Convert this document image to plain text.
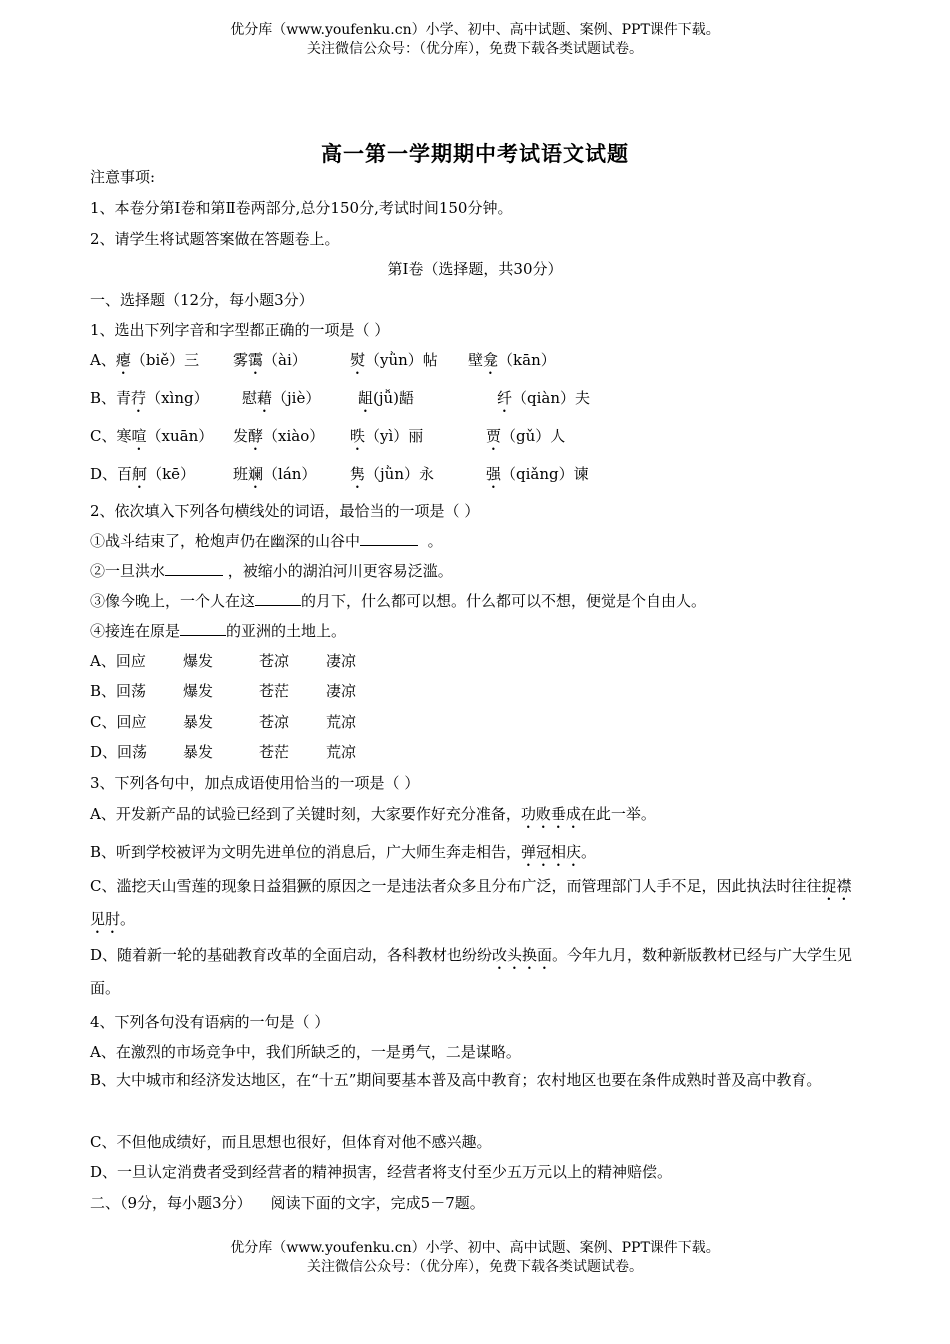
优分库（www.youfenku.cn）小学、初中、高中试题、案例、PPT课件下载。
关注微信公众号：（优分库），免费下载各类试题试卷。
高一第一学期期中考试语文试题
注意事项:
1、本卷分第Ⅰ卷和第Ⅱ卷两部分,总分150分,考试时间150分钟。
2、请学生将试题答案做在答题卷上。
第Ⅰ卷（选择题，共30分）
一、选择题（12分，每小题3分）
1、选出下列字音和字型都正确的一项是（ ）
A、瘪（biě）三 雾霭（ài）	熨（yǜn）帖 壁龛（kān）
B、青荇（xìng） 慰藉（jiè）	龃(jǚ)龉	纤（qiàn）夫
C、寒喧（xuān） 发酵（xiào） 昳（yì）丽	贾（gǔ）人
D、百舸（kē）	班斓（lán） 隽（jǜn）永	强（qiǎng）谏
2、依次填入下列各句横线处的词语，最恰当的一项是（ ）
①战斗结束了，枪炮声仍在幽深的山谷中	。
②一旦洪水	，被缩小的湖泊河川更容易泛滥。
③像今晚上，一个人在这	的月下，什么都可以想。什么都可以不想，便觉是个自由人。
④接连在原是	的亚洲的土地上。
A、回应 爆发	苍凉 凄凉
B、回荡 爆发	苍茫 凄凉
C、回应 暴发	苍凉 荒凉
D、回荡 暴发	苍茫 荒凉
3、下列各句中，加点成语使用恰当的一项是（ ）
A、开发新产品的试验已经到了关键时刻，大家要作好充分准备，功败垂成在此一举。
B、听到学校被评为文明先进单位的消息后，广大师生奔走相告，弹冠相庆。
C、滥挖天山雪莲的现象日益猖獗的原因之一是违法者众多且分布广泛，而管理部门人手不足，因此执法时往往捉襟见肘。
D、随着新一轮的基础教育改革的全面启动，各科教材也纷纷改头换面。今年九月，数种新版教材已经与广大学生见面。
4、下列各句没有语病的一句是（ ）
A、在激烈的市场竞争中，我们所缺乏的，一是勇气，二是谋略。
B、大中城市和经济发达地区，在“十五”期间要基本普及高中教育；农村地区也要在条件成熟时普及高中教育。
C、不但他成绩好，而且思想也很好，但体育对他不感兴趣。
D、一旦认定消费者受到经营者的精神损害，经营者将支付至少五万元以上的精神赔偿。
二、（9分，每小题3分）    阅读下面的文字，完成5－7题。
优分库（www.youfenku.cn）小学、初中、高中试题、案例、PPT课件下载。
关注微信公众号：（优分库），免费下载各类试题试卷。
